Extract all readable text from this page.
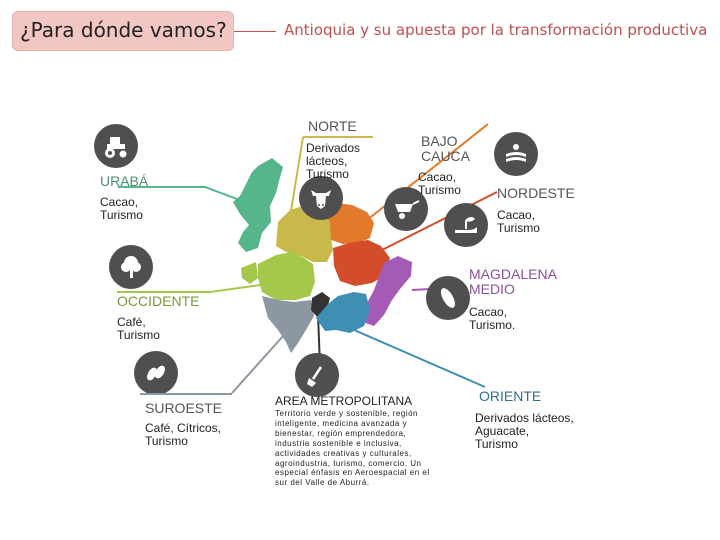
¿Para dónde vamos?	Antioquia y su apuesta por la transformación productiva
NORTE
Derivados
lácteos,
Turismo
BAJO
CAUCA
Cacao,
Turismo
URABÁ
Cacao,
Turismo
NORDESTE
Cacao,
Turismo
MAGDALENA
MEDIO
Cacao,
Turismo.
OCCIDENTE
Café,
Turismo
SUROESTE
Café, Cítricos,
Turismo
AREA METROPOLITANA
Territorio verde y sostenible, región inteligente, medicina avanzada y bienestar, región emprendedora, industria sostenible e inclusiva, actividades creativas y culturales, agroindustria, turismo, comercio. Un especial énfasis en Aeroespacial en el sur del Valle de Aburrá.
ORIENTE
Derivados lácteos,
Aguacate,
Turismo
